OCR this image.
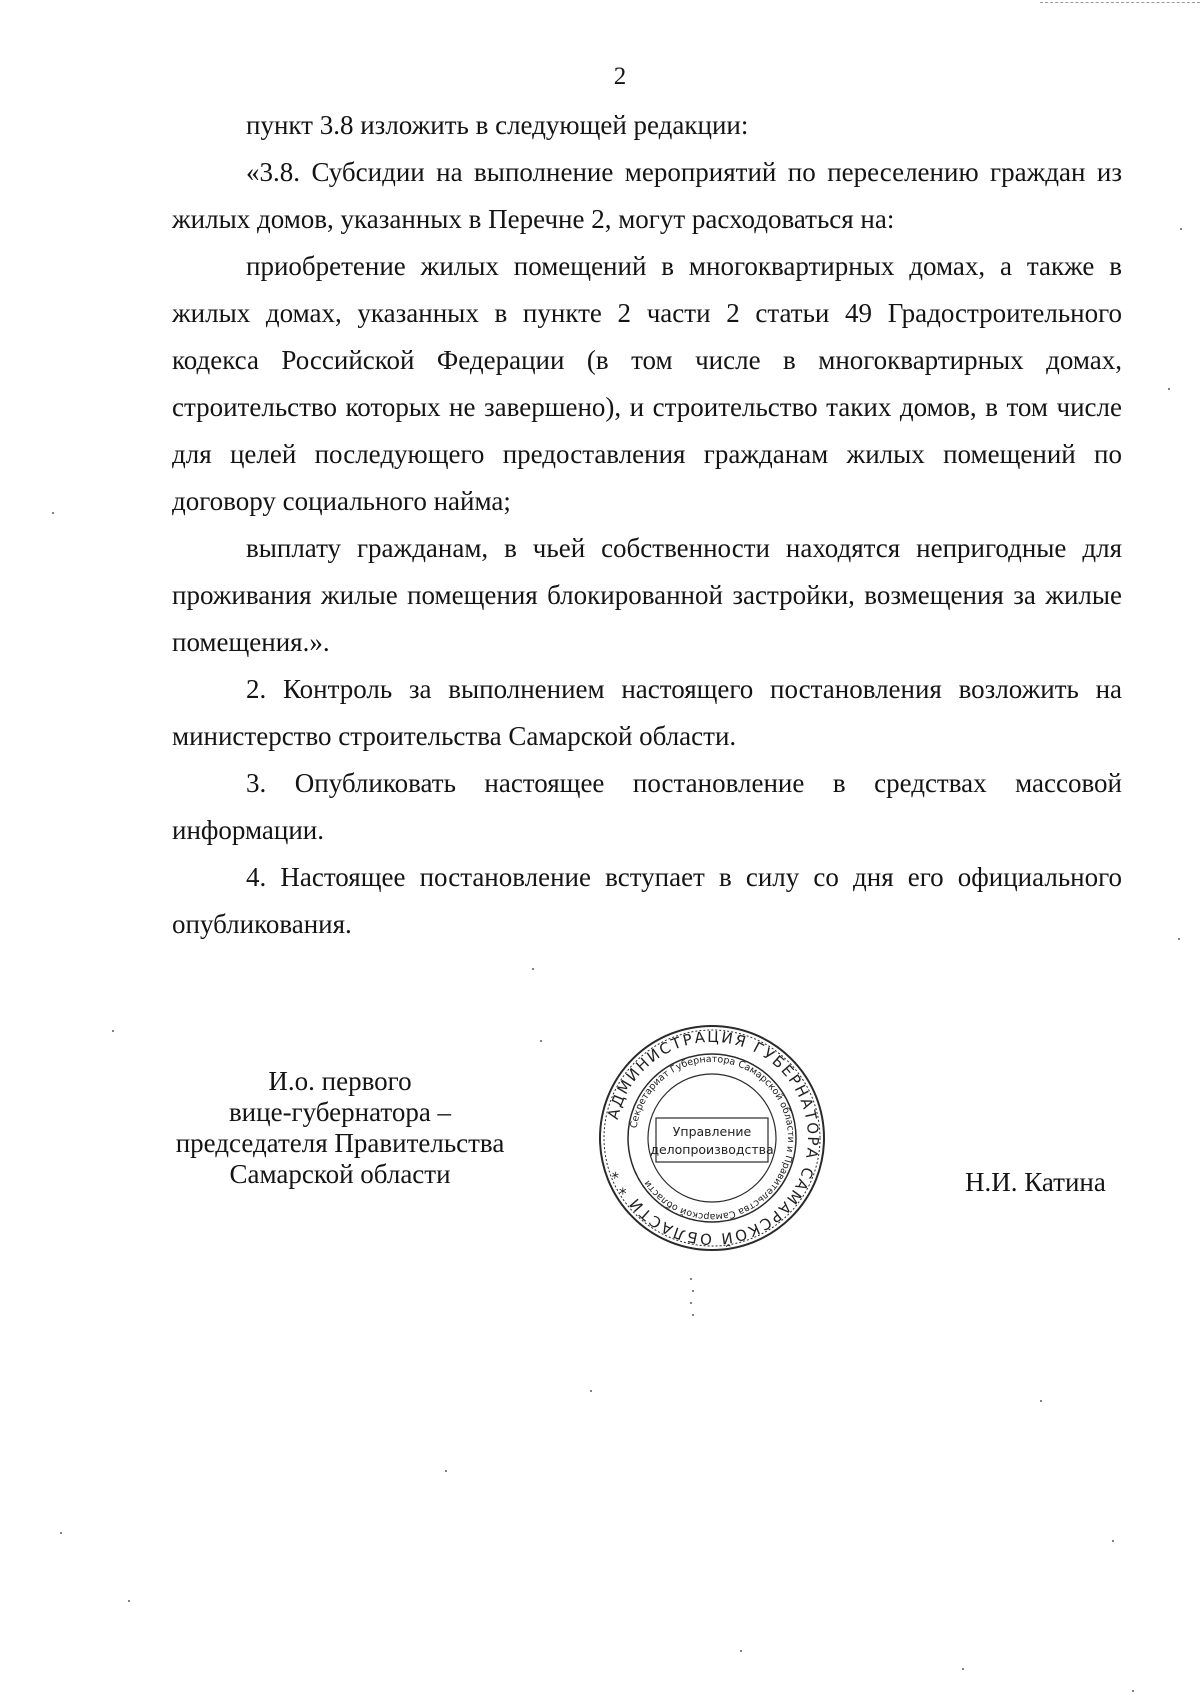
2

пункт 3.8 изложить в следующей редакции:

«3.8. Субсидии на выполнение мероприятий по переселению граждан из жилых домов, указанных в Перечне 2, могут расходоваться на:

приобретение жилых помещений в многоквартирных домах, а также в жилых домах, указанных в пункте 2 части 2 статьи 49 Градостроительного кодекса Российской Федерации (в том числе в многоквартирных домах, строительство которых не завершено), и строительство таких домов, в том числе для целей последующего предоставления гражданам жилых помещений по договору социального найма;

выплату гражданам, в чьей собственности находятся непригодные для проживания жилые помещения блокированной застройки, возмещения за жилые помещения.».

2. Контроль за выполнением настоящего постановления возложить на министерство строительства Самарской области.

3. Опубликовать настоящее постановление в средствах массовой информации.

4. Настоящее постановление вступает в силу со дня его официального опубликования.

И.о. первого
вице-губернатора –
председателя Правительства
Самарской области
АДМИНИСТРАЦИЯ ГУБЕРНАТОРА САМАРСКОЙ ОБЛАСТИ * *
Секретариат Губернатора Самарской области и Правительства Самарской области
Управление
делопроизводства
Н.И. Катина
